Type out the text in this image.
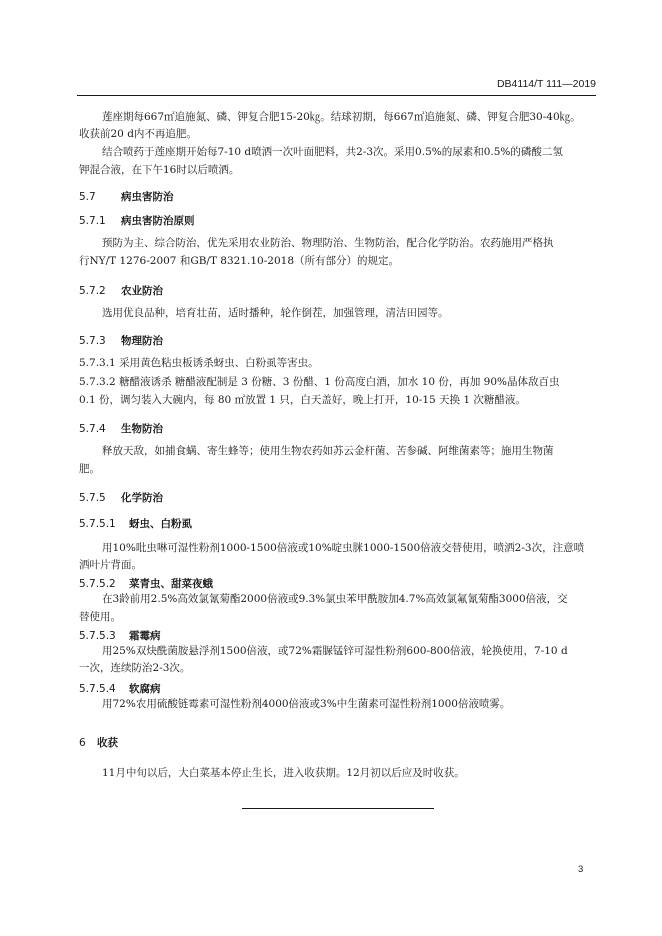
DB4114/T 111—2019
莲座期每667㎡追施氮、磷、钾复合肥15-20㎏。结球初期，每667㎡追施氮、磷、钾复合肥30-40㎏。
收获前20 d内不再追肥。
结合喷药于莲座期开始每7-10 d喷洒一次叶面肥料，共2-3次。采用0.5%的尿素和0.5%的磷酸二氢
钾混合液，在下午16时以后喷洒。
5.7 病虫害防治
5.7.1 病虫害防治原则
预防为主、综合防治，优先采用农业防治、物理防治、生物防治，配合化学防治。农药施用严格执
行NY/T 1276-2007 和GB/T 8321.10-2018（所有部分）的规定。
5.7.2 农业防治
选用优良品种，培育壮苗，适时播种，轮作倒茬，加强管理，清洁田园等。
5.7.3 物理防治
5.7.3.1 采用黄色粘虫板诱杀蚜虫、白粉虱等害虫。
5.7.3.2 糖醋液诱杀 糖醋液配制是 3 份糖、3 份醋、1 份高度白酒，加水 10 份，再加 90%晶体敌百虫
0.1 份，调匀装入大碗内，每 80 ㎡放置 1 只，白天盖好，晚上打开，10-15 天换 1 次糖醋液。
5.7.4 生物防治
释放天敌，如捕食螨、寄生蜂等；使用生物农药如苏云金杆菌、苦参碱、阿维菌素等；施用生物菌
肥。
5.7.5 化学防治
5.7.5.1 蚜虫、白粉虱
用10%吡虫啉可湿性粉剂1000-1500倍液或10%啶虫脒1000-1500倍液交替使用，喷洒2-3次，注意喷
洒叶片背面。
5.7.5.2 菜青虫、甜菜夜蛾
在3龄前用2.5%高效氯氰菊酯2000倍液或9.3%氯虫苯甲酰胺加4.7%高效氯氟氰菊酯3000倍液，交
替使用。
5.7.5.3 霜霉病
用25%双炔酰菌胺悬浮剂1500倍液，或72%霜脲锰锌可湿性粉剂600-800倍液，轮换使用，7-10 d
一次，连续防治2-3次。
5.7.5.4 软腐病
用72%农用硫酸链霉素可湿性粉剂4000倍液或3%中生菌素可湿性粉剂1000倍液喷雾。
6 收获
11月中旬以后，大白菜基本停止生长，进入收获期。12月初以后应及时收获。
3
